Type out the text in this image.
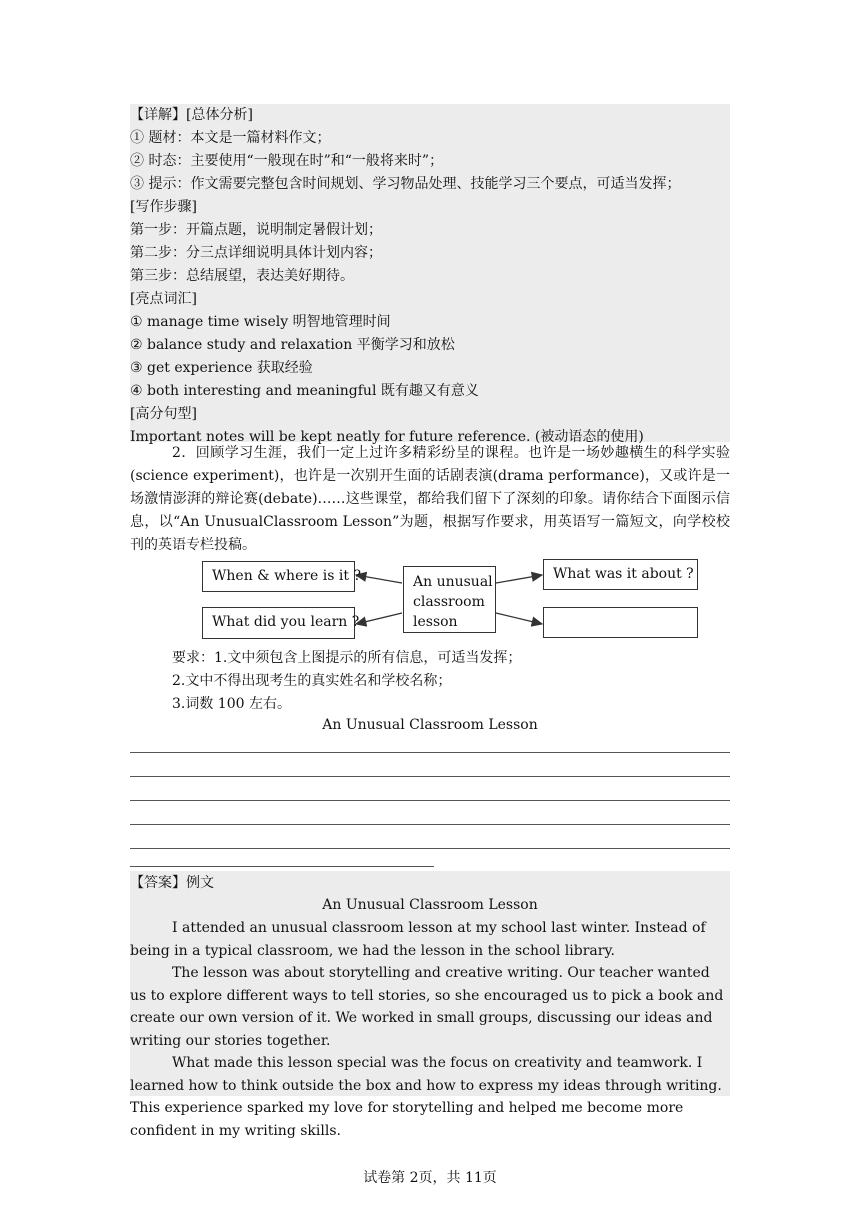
【详解】[总体分析]
① 题材：本文是一篇材料作文；
② 时态：主要使用“一般现在时”和“一般将来时”；
③ 提示：作文需要完整包含时间规划、学习物品处理、技能学习三个要点，可适当发挥；
[写作步骤]
第一步：开篇点题，说明制定暑假计划；
第二步：分三点详细说明具体计划内容；
第三步：总结展望，表达美好期待。
[亮点词汇]
① manage time wisely 明智地管理时间
② balance study and relaxation 平衡学习和放松
③ get experience 获取经验
④ both interesting and meaningful 既有趣又有意义
[高分句型]
Important notes will be kept neatly for future reference. (被动语态的使用)
2．回顾学习生涯，我们一定上过许多精彩纷呈的课程。也许是一场妙趣横生的科学实验(science experiment)，也许是一次别开生面的话剧表演(drama performance)，又或许是一场激情澎湃的辩论赛(debate)……这些课堂，都给我们留下了深刻的印象。请你结合下面图示信息，以“An UnusualClassroom Lesson”为题，根据写作要求，用英语写一篇短文，向学校校刊的英语专栏投稿。
When & where is it ?
What did you learn ?
An unusual
classroom
lesson
What was it about ?
要求：1.文中须包含上图提示的所有信息，可适当发挥；
2.文中不得出现考生的真实姓名和学校名称；
3.词数 100 左右。
An Unusual Classroom Lesson
【答案】例文
An Unusual Classroom Lesson

I attended an unusual classroom lesson at my school last winter. Instead of being in a typical classroom, we had the lesson in the school library.

The lesson was about storytelling and creative writing. Our teacher wanted us to explore different ways to tell stories, so she encouraged us to pick a book and create our own version of it. We worked in small groups, discussing our ideas and writing our stories together.

What made this lesson special was the focus on creativity and teamwork. I learned how to think outside the box and how to express my ideas through writing. This experience sparked my love for storytelling and helped me become more confident in my writing skills.

试卷第 2页，共 11页
